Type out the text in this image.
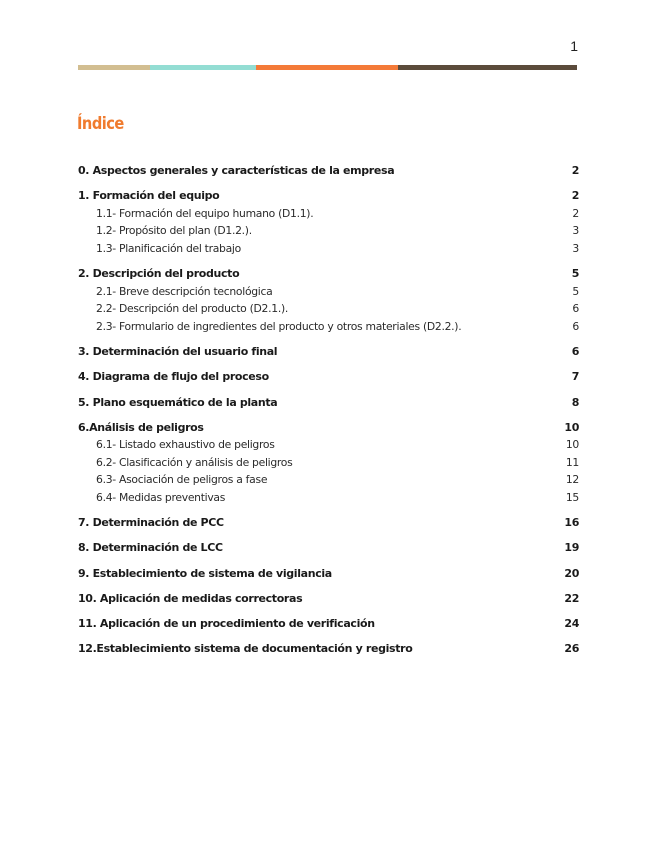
1
Índice
0. Aspectos generales y características de la empresa	2
1. Formación del equipo	2
1.1- Formación del equipo humano (D1.1).	2
1.2- Propósito del plan (D1.2.).	3
1.3- Planificación del trabajo	3
2. Descripción del producto	5
2.1- Breve descripción tecnológica	5
2.2- Descripción del producto (D2.1.).	6
2.3- Formulario de ingredientes del producto y otros materiales (D2.2.).	6
3. Determinación del usuario final	6
4. Diagrama de flujo del proceso	7
5. Plano esquemático de la planta	8
6.Análisis de peligros	10
6.1- Listado exhaustivo de peligros	10
6.2- Clasificación y análisis de peligros	11
6.3- Asociación de peligros a fase	12
6.4- Medidas preventivas	15
7. Determinación de PCC	16
8. Determinación de LCC	19
9. Establecimiento de sistema de vigilancia	20
10. Aplicación de medidas correctoras	22
11. Aplicación de un procedimiento de verificación	24
12.Establecimiento sistema de documentación y registro	26
